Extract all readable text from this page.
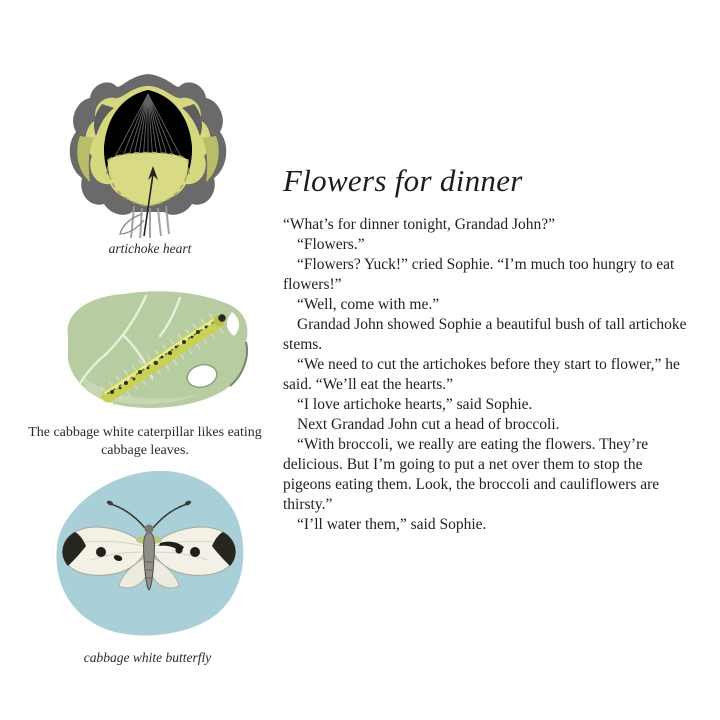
artichoke heart
The cabbage white caterpillar likes eating cabbage leaves.
cabbage white butterfly
Flowers for dinner

“What’s for dinner tonight, Grandad John?”

“Flowers.”

“Flowers? Yuck!” cried Sophie. “I’m much too hungry to eat flowers!”

“Well, come with me.”

Grandad John showed Sophie a beautiful bush of tall artichoke stems.

“We need to cut the artichokes before they start to flower,” he said. “We’ll eat the hearts.”

“I love artichoke hearts,” said Sophie.

Next Grandad John cut a head of broccoli.

“With broccoli, we really are eating the flowers. They’re delicious. But I’m going to put a net over them to stop the pigeons eating them. Look, the broccoli and cauliflowers are thirsty.”

“I’ll water them,” said Sophie.
